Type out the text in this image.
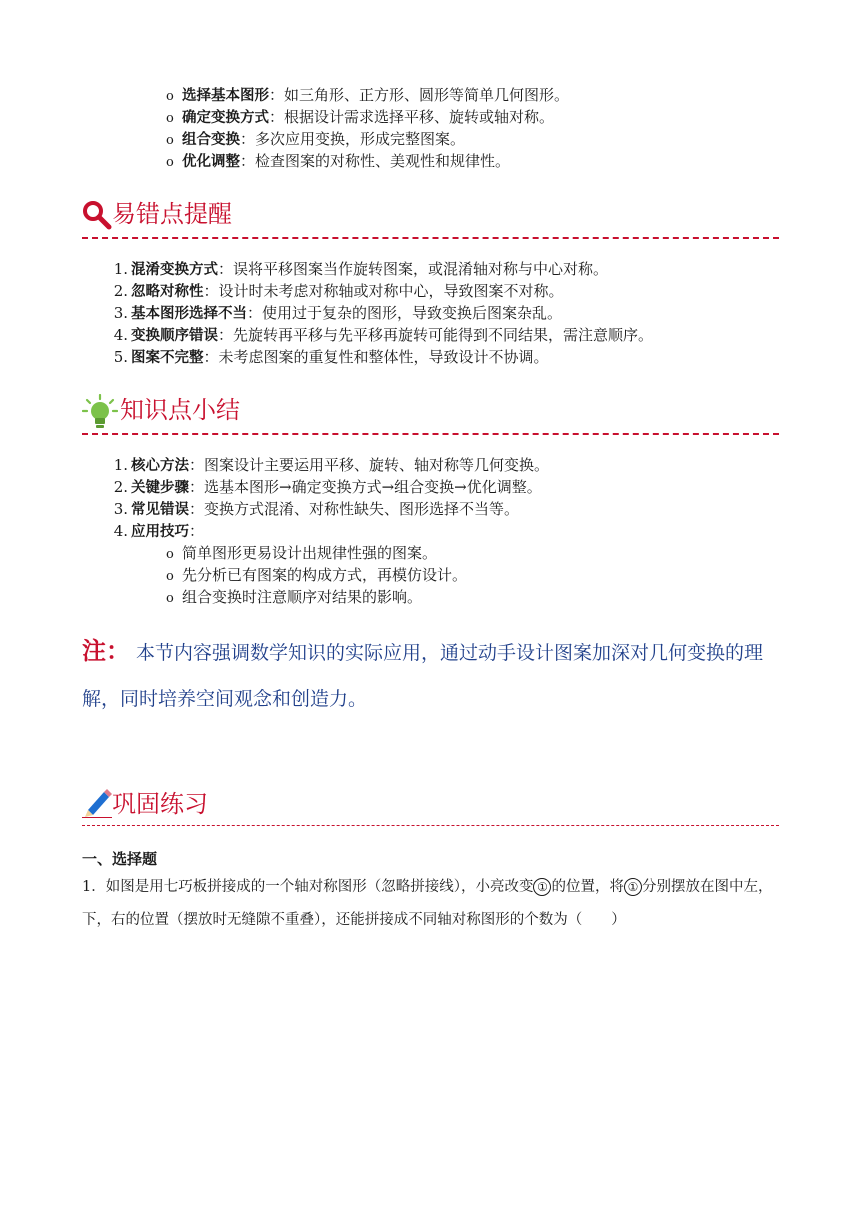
o 选择基本图形：如三角形、正方形、圆形等简单几何图形。
o 确定变换方式：根据设计需求选择平移、旋转或轴对称。
o 组合变换：多次应用变换，形成完整图案。
o 优化调整：检查图案的对称性、美观性和规律性。
易错点提醒
1. 混淆变换方式：误将平移图案当作旋转图案，或混淆轴对称与中心对称。
2. 忽略对称性：设计时未考虑对称轴或对称中心，导致图案不对称。
3. 基本图形选择不当：使用过于复杂的图形，导致变换后图案杂乱。
4. 变换顺序错误：先旋转再平移与先平移再旋转可能得到不同结果，需注意顺序。
5. 图案不完整：未考虑图案的重复性和整体性，导致设计不协调。
知识点小结
1. 核心方法：图案设计主要运用平移、旋转、轴对称等几何变换。
2. 关键步骤：选基本图形→确定变换方式→组合变换→优化调整。
3. 常见错误：变换方式混淆、对称性缺失、图形选择不当等。
4. 应用技巧：
o 简单图形更易设计出规律性强的图案。
o 先分析已有图案的构成方式，再模仿设计。
o 组合变换时注意顺序对结果的影响。
注： 本节内容强调数学知识的实际应用，通过动手设计图案加深对几何变换的理解，同时培养空间观念和创造力。
巩固练习
一、选择题
1．如图是用七巧板拼接成的一个轴对称图形（忽略拼接线），小亮改变 ① 的位置，将 ① 分别摆放在图中左，下，右的位置（摆放时无缝隙不重叠），还能拼接成不同轴对称图形的个数为（　　）
